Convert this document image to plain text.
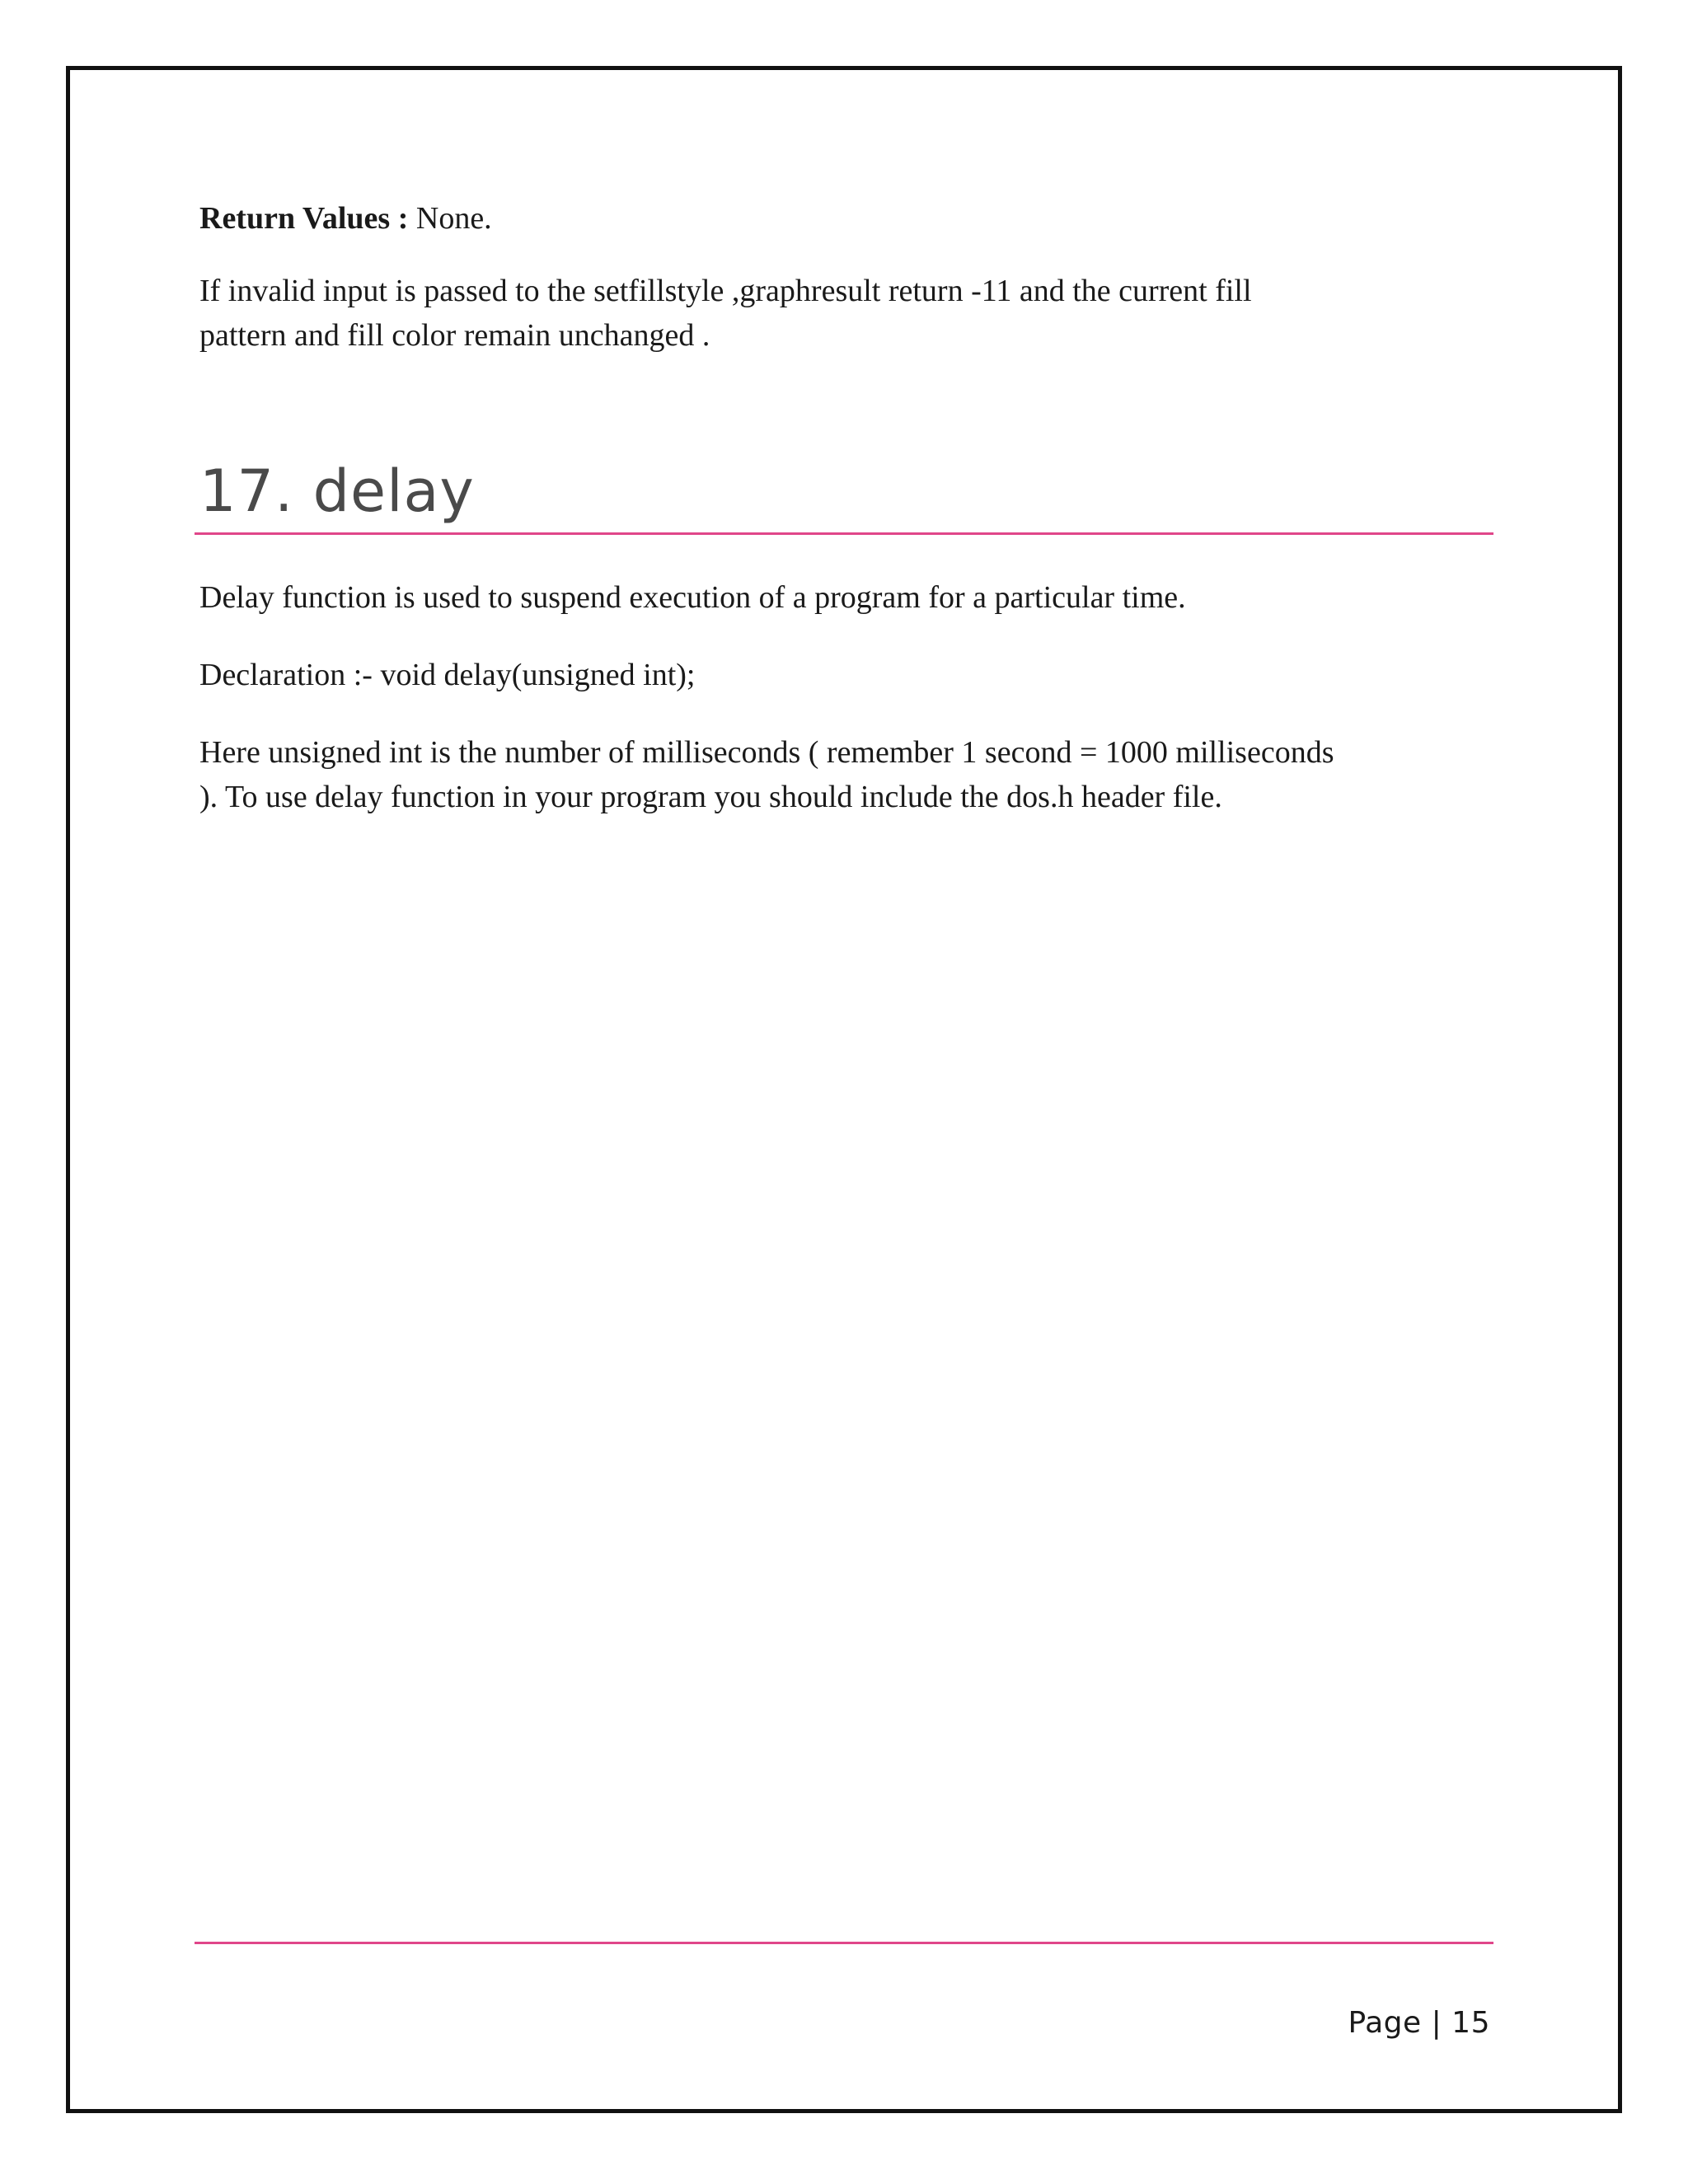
Return Values : None.

If invalid input is passed to the setfillstyle ,graphresult return -11 and the current fill

pattern and fill color remain unchanged .

Delay function is used to suspend execution of a program for a particular time.

Declaration :- void delay(unsigned int);

Here unsigned int is the number of milliseconds ( remember 1 second = 1000 milliseconds

). To use delay function in your program you should include the dos.h header file.

17. delay
Page | 15
